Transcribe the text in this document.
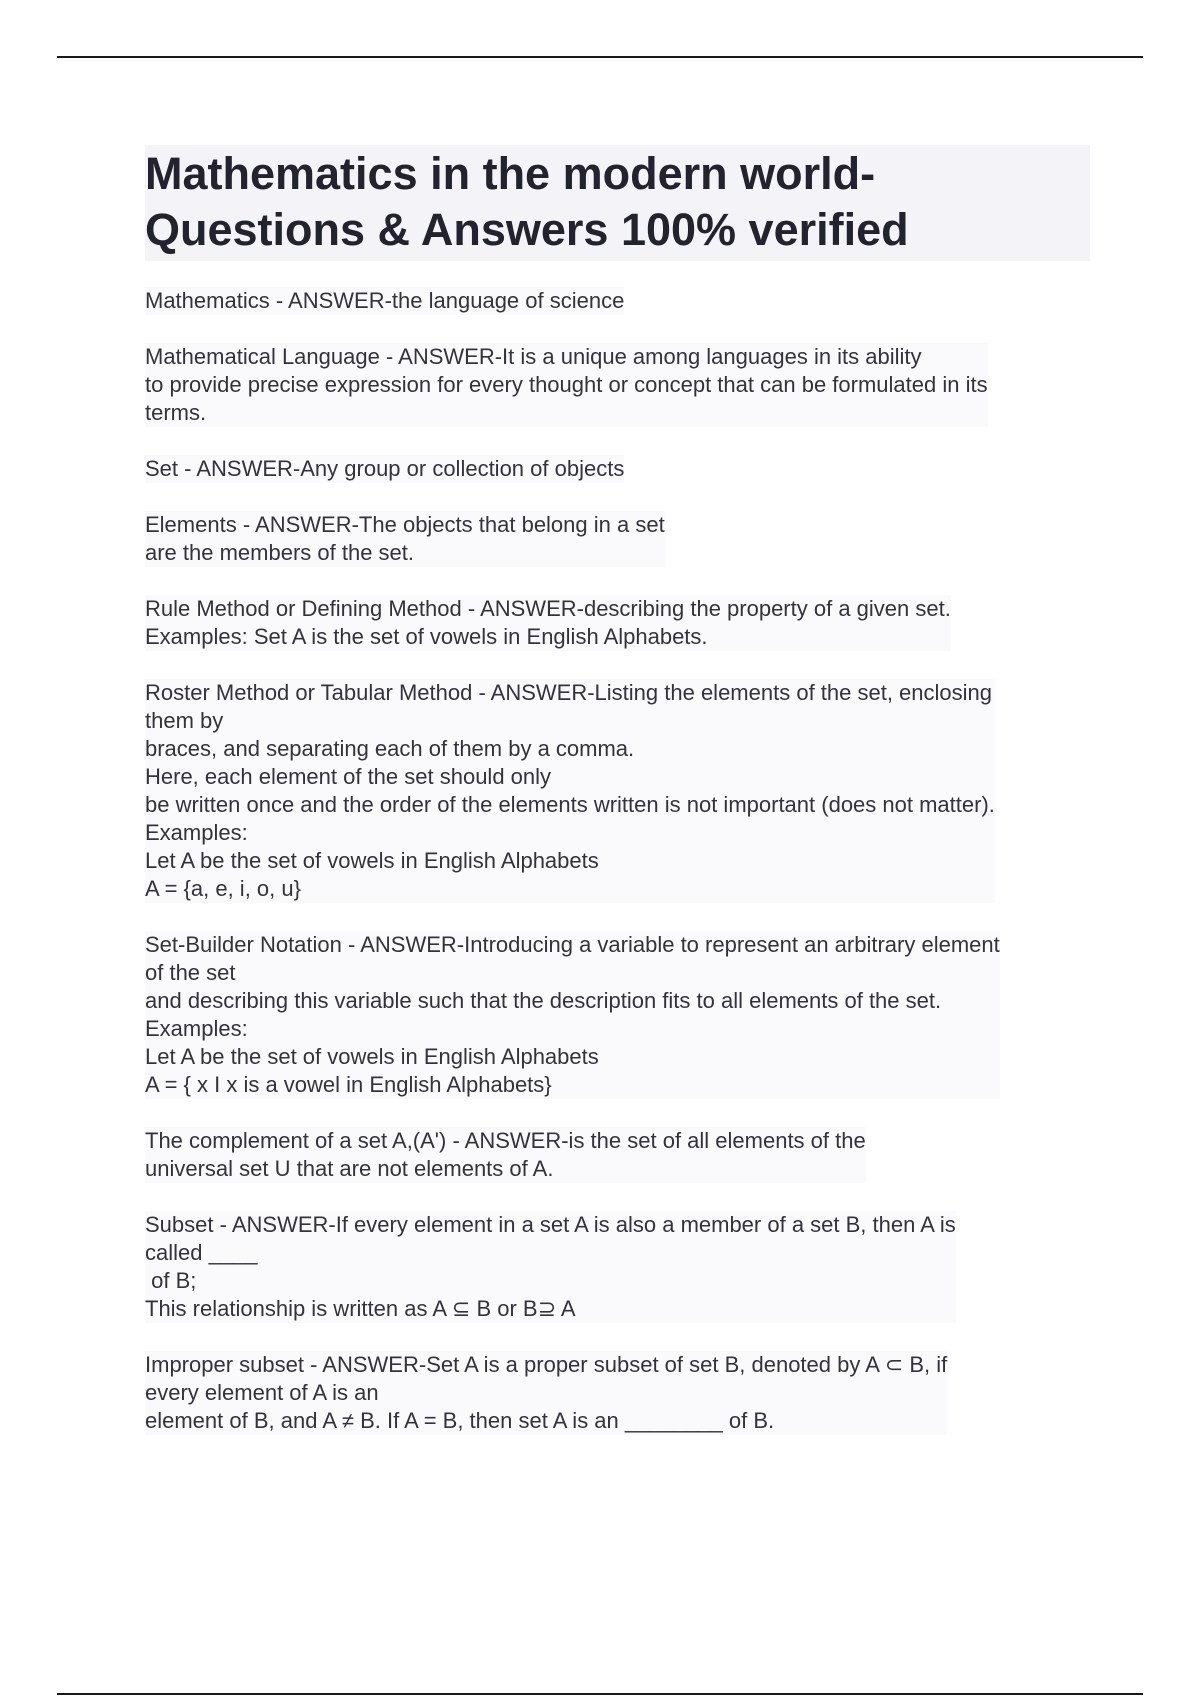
Mathematics in the modern world-
Questions & Answers 100% verified
Mathematics - ANSWER-the language of science
Mathematical Language - ANSWER-It is a unique among languages in its ability
to provide precise expression for every thought or concept that can be formulated in its
terms.
Set - ANSWER-Any group or collection of objects
Elements - ANSWER-The objects that belong in a set
are the members of the set.
Rule Method or Defining Method - ANSWER-describing the property of a given set.
Examples: Set A is the set of vowels in English Alphabets.
Roster Method or Tabular Method - ANSWER-Listing the elements of the set, enclosing
them by
braces, and separating each of them by a comma.
Here, each element of the set should only
be written once and the order of the elements written is not important (does not matter).
Examples:
Let A be the set of vowels in English Alphabets
A = {a, e, i, o, u}
Set-Builder Notation - ANSWER-Introducing a variable to represent an arbitrary element
of the set
and describing this variable such that the description fits to all elements of the set.
Examples:
Let A be the set of vowels in English Alphabets
A = { x I x is a vowel in English Alphabets}
The complement of a set A,(A') - ANSWER-is the set of all elements of the
universal set U that are not elements of A.
Subset - ANSWER-If every element in a set A is also a member of a set B, then A is
called ____
of B;
This relationship is written as A ⊆ B or B⊇ A
Improper subset - ANSWER-Set A is a proper subset of set B, denoted by A ⊂ B, if
every element of A is an
element of B, and A ≠ B. If A = B, then set A is an ________ of B.
